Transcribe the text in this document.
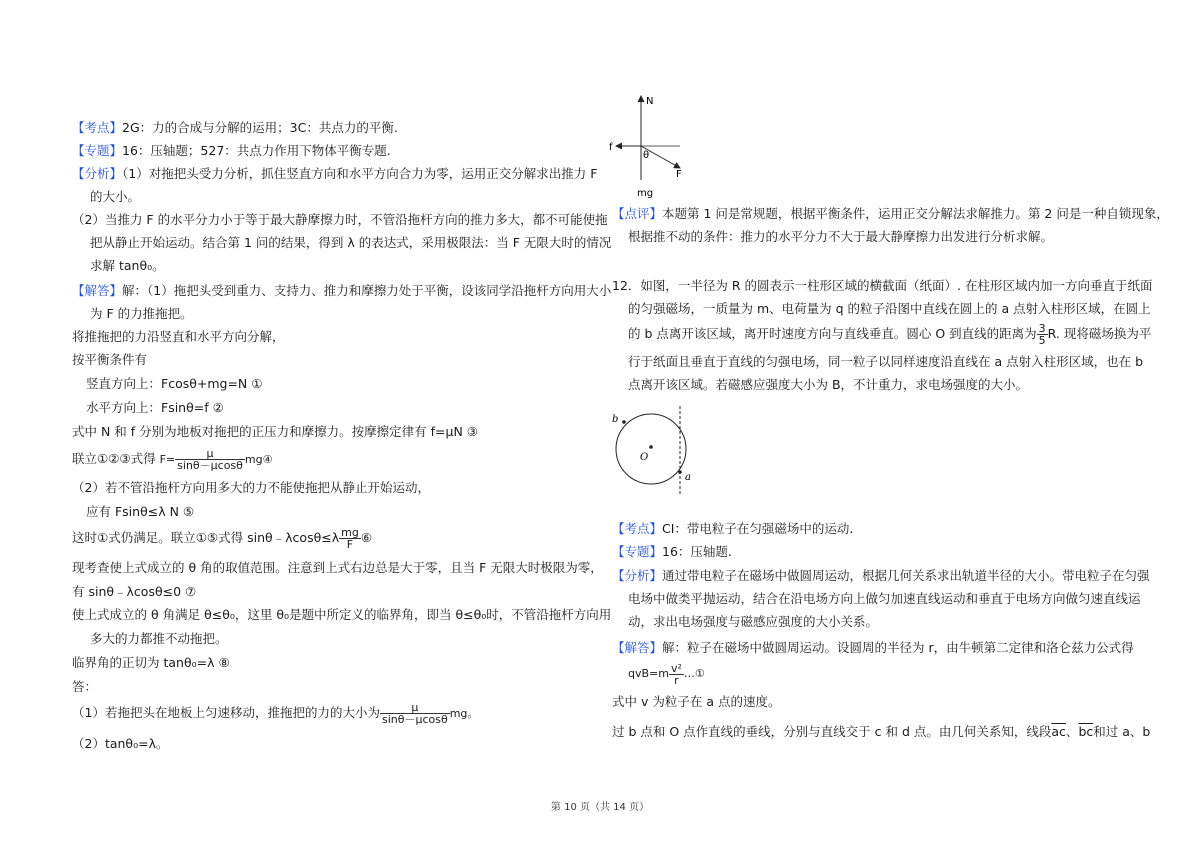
【考点】2G：力的合成与分解的运用；3C：共点力的平衡.
【专题】16：压轴题；527：共点力作用下物体平衡专题.
【分析】（1）对拖把头受力分析，抓住竖直方向和水平方向合力为零，运用正交分解求出推力 F
的大小。
（2）当推力 F 的水平分力小于等于最大静摩擦力时，不管沿拖杆方向的推力多大，都不可能使拖
把从静止开始运动。结合第 1 问的结果，得到 λ 的表达式，采用极限法：当 F 无限大时的情况
求解 tanθ₀。
【解答】解：（1）拖把头受到重力、支持力、推力和摩擦力处于平衡，设该同学沿拖杆方向用大小
为 F 的力推拖把。
将推拖把的力沿竖直和水平方向分解，
按平衡条件有
竖直方向上：Fcosθ+mg=N ①
水平方向上：Fsinθ=f ②
式中 N 和 f 分别为地板对拖把的正压力和摩擦力。按摩擦定律有 f=μN ③
联立①②③式得 $F= \frac{\mu}{\sin\theta-\mu\cos\theta}$ mg④
（2）若不管沿拖杆方向用多大的力不能使拖把从静止开始运动，
应有 Fsinθ≤λ N ⑤
这时①式仍满足。联立①⑤式得 sinθ﹣λcosθ≤λ $\frac{mg}{F}$ ⑥
现考查使上式成立的 θ 角的取值范围。注意到上式右边总是大于零，且当 F 无限大时极限为零，
有 sinθ﹣λcosθ≤0 ⑦
使上式成立的 θ 角满足 θ≤θ₀，这里 θ₀是题中所定义的临界角，即当 θ≤θ₀时，不管沿拖杆方向用
多大的力都推不动拖把。
临界角的正切为 tanθ₀=λ ⑧
答：
（1）若拖把头在地板上匀速移动，推拖把的力的大小为 $\frac{\mu}{\sin\theta-\mu\cos\theta}$ mg。
（2）tanθ₀=λ。
N
f
θ
F
mg
【点评】本题第 1 问是常规题，根据平衡条件，运用正交分解法求解推力。第 2 问是一种自锁现象，
根据推不动的条件：推力的水平分力不大于最大静摩擦力出发进行分析求解。
12．如图，一半径为 R 的圆表示一柱形区域的横截面（纸面）. 在柱形区域内加一方向垂直于纸面
的匀强磁场，一质量为 m、电荷量为 q 的粒子沿图中直线在圆上的 a 点射入柱形区域，在圆上
的 b 点离开该区域，离开时速度方向与直线垂直。圆心 O 到直线的距离为 $\frac{3}{5} R$. 现将磁场换为平
行于纸面且垂直于直线的匀强电场，同一粒子以同样速度沿直线在 a 点射入柱形区域，也在 b
点离开该区域。若磁感应强度大小为 B，不计重力，求电场强度的大小。
b
O
a
【考点】CI：带电粒子在匀强磁场中的运动.
【专题】16：压轴题.
【分析】通过带电粒子在磁场中做圆周运动，根据几何关系求出轨道半径的大小。带电粒子在匀强
电场中做类平抛运动，结合在沿电场方向上做匀加速直线运动和垂直于电场方向做匀速直线运
动，求出电场强度与磁感应强度的大小关系。
【解答】解：粒子在磁场中做圆周运动。设圆周的半径为 r，由牛顿第二定律和洛仑兹力公式得
$qvB=m \frac{\text{v²}}{r}$ …①
式中 v 为粒子在 a 点的速度。
过 b 点和 O 点作直线的垂线，分别与直线交于 c 和 d 点。由几何关系知，线段$\overline{ac}$、$\overline{bc}$和过 a、b
第 10 页（共 14 页）
